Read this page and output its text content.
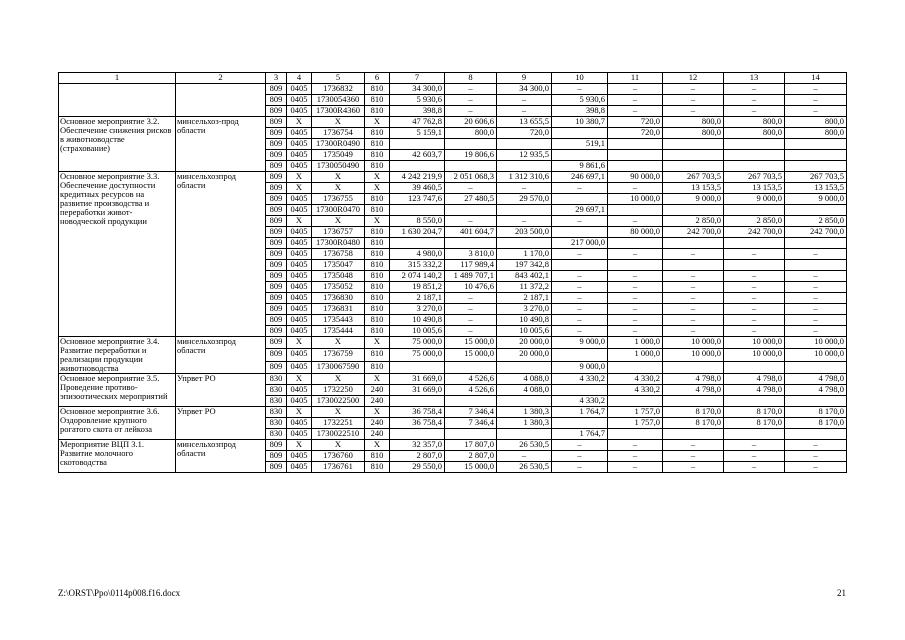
1	2	3	4	5	6	7	8	9	10	11	12	13	14
		809	0405	1736832	810	34 300,0	–	34 300,0	–	–	–	–	–
		809	0405	1730054360	810	5 930,6	–	–	5 930,6	–	–	–	–
		809	0405	17300R4360	810	398,8	–	–	398,8	–	–	–	–
Основное мероприятие 3.2. Обеспечение снижения рисков в животноводстве (страхование)	минсельхоз-прод области	809	X	X	X	47 762,8	20 606,6	13 655,5	10 380,7	720,0	800,0	800,0	800,0
		809	0405	1736754	810	5 159,1	800,0	720,0		720,0	800,0	800,0	800,0
		809	0405	17300R0490	810				519,1				
		809	0405	1735049	810	42 603,7	19 806,6	12 935,5					
		809	0405	1730050490	810				9 861,6				
Основное мероприятие 3.3. Обеспечение доступности кредитных ресурсов на развитие производства и переработки живот-новодческой продукции	минсельхозпрод области	809	X	X	X	4 242 219,9	2 051 068,3	1 312 310,6	246 697,1	90 000,0	267 703,5	267 703,5	267 703,5
		809	X	X	X	39 460,5	–	–	–	–	13 153,5	13 153,5	13 153,5
		809	0405	1736755	810	123 747,6	27 480,5	29 570,0		10 000,0	9 000,0	9 000,0	9 000,0
		809	0405	17300R0470	810				29 697,1				
		809	X	X	X	8 550,0	–	–	–	–	2 850,0	2 850,0	2 850,0
		809	0405	1736757	810	1 630 204,7	401 604,7	203 500,0		80 000,0	242 700,0	242 700,0	242 700,0
		809	0405	17300R0480	810				217 000,0				
		809	0405	1736758	810	4 980,0	3 810,0	1 170,0	–	–	–	–	–
		809	0405	1735047	810	315 332,2	117 989,4	197 342,8					
		809	0405	1735048	810	2 074 140,2	1 489 707,1	843 402,1	–	–	–	–	–
		809	0405	1735052	810	19 851,2	10 476,6	11 372,2	–	–	–	–	–
		809	0405	1736830	810	2 187,1	–	2 187,1	–	–	–	–	–
		809	0405	1736831	810	3 270,0	–	3 270,0	–	–	–	–	–
		809	0405	1735443	810	10 490,8	–	10 490,8	–	–	–	–	–
		809	0405	1735444	810	10 005,6	–	10 005,6	–	–	–	–	–
Основное мероприятие 3.4. Развитие переработки и реализации продукции животноводства	минсельхозпрод области	809	X	X	X	75 000,0	15 000,0	20 000,0	9 000,0	1 000,0	10 000,0	10 000,0	10 000,0
		809	0405	1736759	810	75 000,0	15 000,0	20 000,0		1 000,0	10 000,0	10 000,0	10 000,0
		809	0405	1730067590	810				9 000,0				
Основное мероприятие 3.5. Проведение противо-эпизоотических мероприятий	Упрвет РО	830	X	X	X	31 669,0	4 526,6	4 088,0	4 330,2	4 330,2	4 798,0	4 798,0	4 798,0
		830	0405	1732250	240	31 669,0	4 526,6	4 088,0		4 330,2	4 798,0	4 798,0	4 798,0
		830	0405	1730022500	240				4 330,2				
Основное мероприятие 3.6. Оздоровление крупного рогатого скота от лейкоза	Упрвет РО	830	X	X	X	36 758,4	7 346,4	1 380,3	1 764,7	1 757,0	8 170,0	8 170,0	8 170,0
		830	0405	1732251	240	36 758,4	7 346,4	1 380,3		1 757,0	8 170,0	8 170,0	8 170,0
		830	0405	1730022510	240				1 764,7				
Мероприятие ВЦП 3.1. Развитие молочного скотоводства	минсельхозпрод области	809	X	X	X	32 357,0	17 807,0	26 530,5	–	–	–	–	–
		809	0405	1736760	810	2 807,0	2 807,0	–	–	–	–	–	–
		809	0405	1736761	810	29 550,0	15 000,0	26 530,5	–	–	–	–	–
Z:\ORST\Ppo\0114p008.f16.docx	21
